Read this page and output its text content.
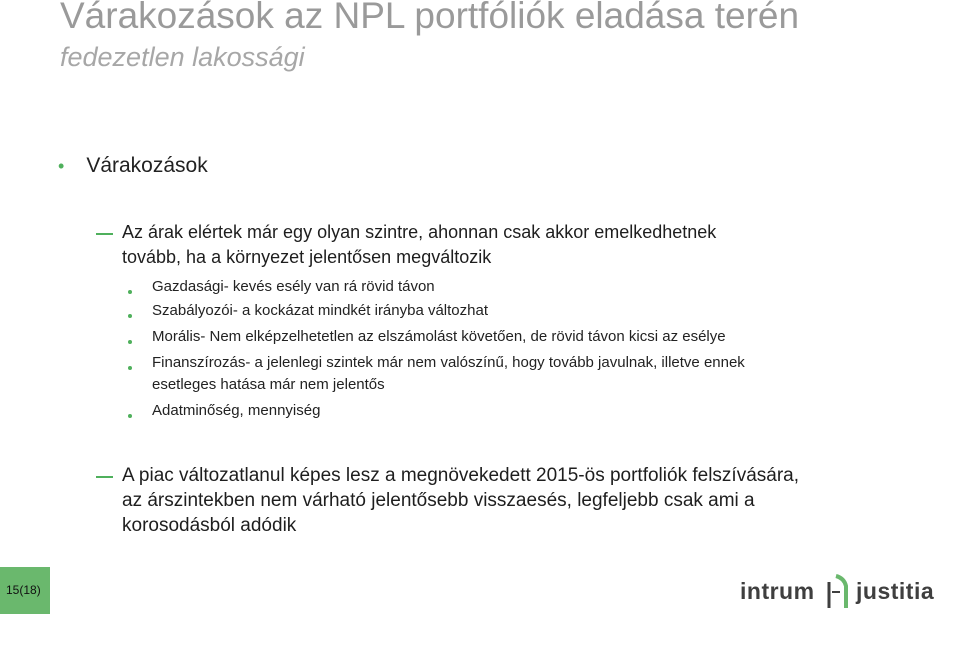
Várakozások az NPL portfóliók eladása terén
fedezetlen lakossági
• Várakozások
Az árak elértek már egy olyan szintre, ahonnan csak akkor emelkedhetnek
tovább, ha a környezet jelentősen megváltozik
Gazdasági- kevés esély van rá rövid távon
Szabályozói- a kockázat mindkét irányba változhat
Morális- Nem elképzelhetetlen az elszámolást követően, de rövid távon kicsi az esélye
Finanszírozás- a jelenlegi szintek már nem valószínű, hogy tovább javulnak, illetve ennek
esetleges hatása már nem jelentős
Adatminőség, mennyiség
A piac változatlanul képes lesz a megnövekedett 2015-ös portfoliók felszívására,
az árszintekben nem várható jelentősebb visszaesés, legfeljebb csak ami a
korosodásból adódik
15(18)	intrum justitia
